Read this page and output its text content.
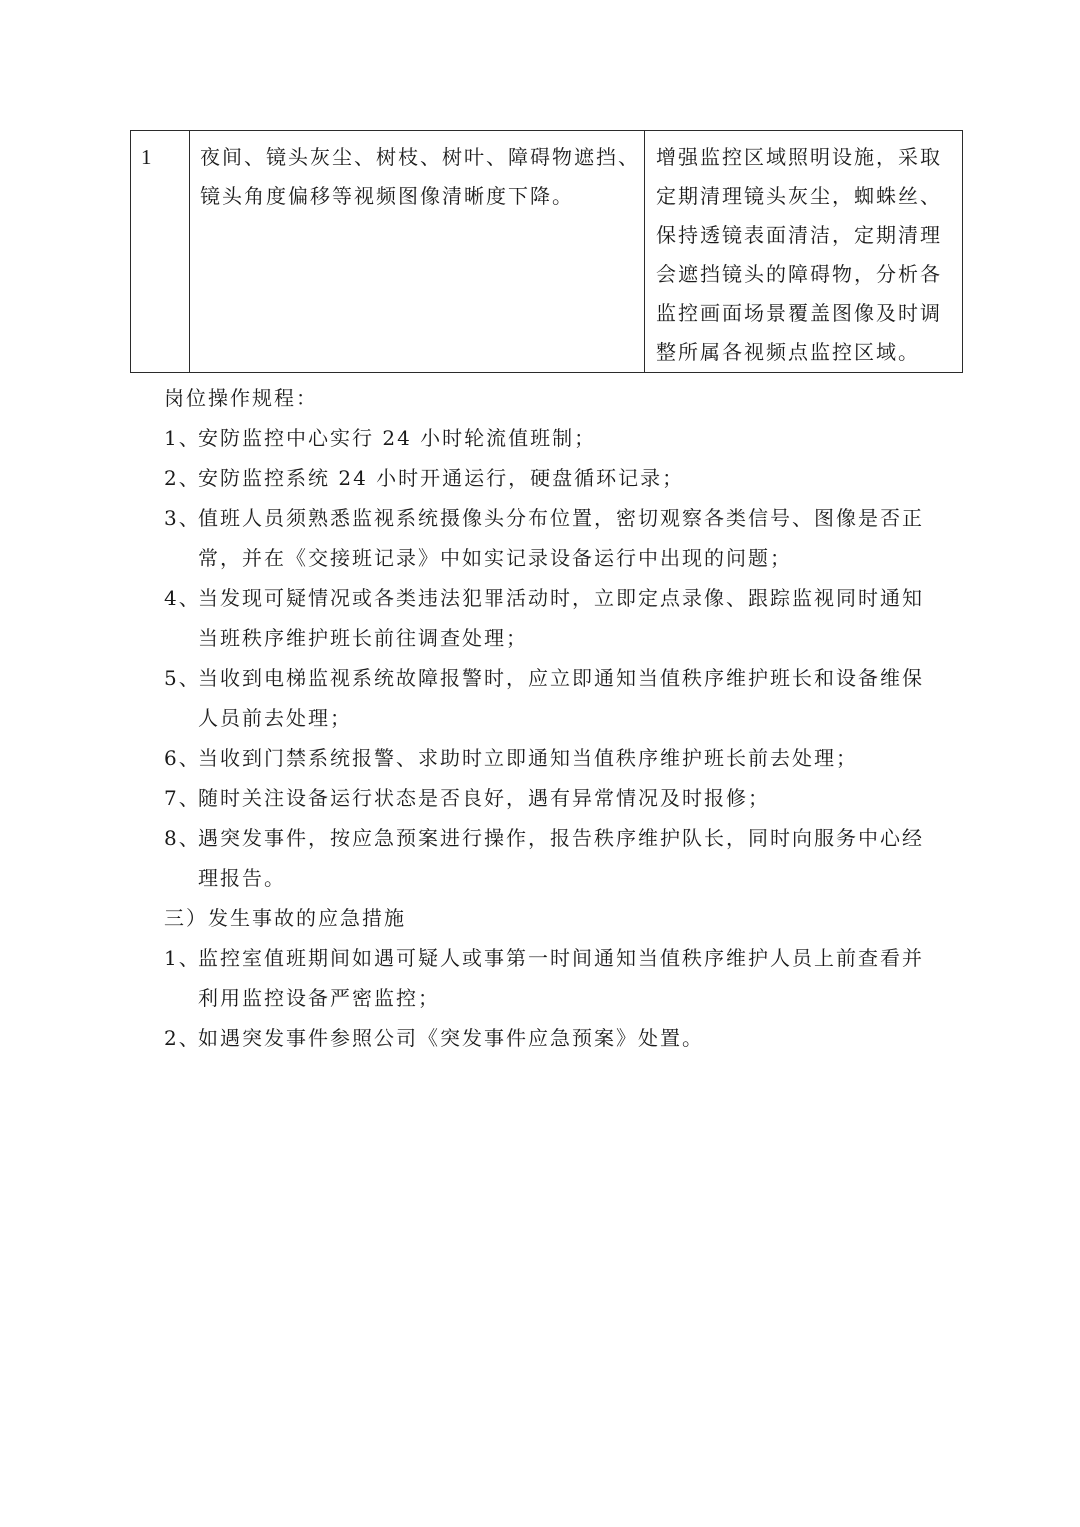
1	夜间、镜头灰尘、树枝、树叶、障碍物遮挡、镜头角度偏移等视频图像清晰度下降。	增强监控区域照明设施，采取定期清理镜头灰尘，蜘蛛丝、保持透镜表面清洁，定期清理会遮挡镜头的障碍物，分析各监控画面场景覆盖图像及时调整所属各视频点监控区域。
岗位操作规程：
1、
安防监控中心实行 24 小时轮流值班制；
2、
安防监控系统 24 小时开通运行，硬盘循环记录；
3、
值班人员须熟悉监视系统摄像头分布位置，密切观察各类信号、图像是否正
常，并在《交接班记录》中如实记录设备运行中出现的问题；
4、
当发现可疑情况或各类违法犯罪活动时，立即定点录像、跟踪监视同时通知
当班秩序维护班长前往调查处理；
5、
当收到电梯监视系统故障报警时，应立即通知当值秩序维护班长和设备维保
人员前去处理；
6、
当收到门禁系统报警、求助时立即通知当值秩序维护班长前去处理；
7、
随时关注设备运行状态是否良好，遇有异常情况及时报修；
8、
遇突发事件，按应急预案进行操作，报告秩序维护队长，同时向服务中心经
理报告。
三）发生事故的应急措施
1、
监控室值班期间如遇可疑人或事第一时间通知当值秩序维护人员上前查看并
利用监控设备严密监控；
2、
如遇突发事件参照公司《突发事件应急预案》处置。
